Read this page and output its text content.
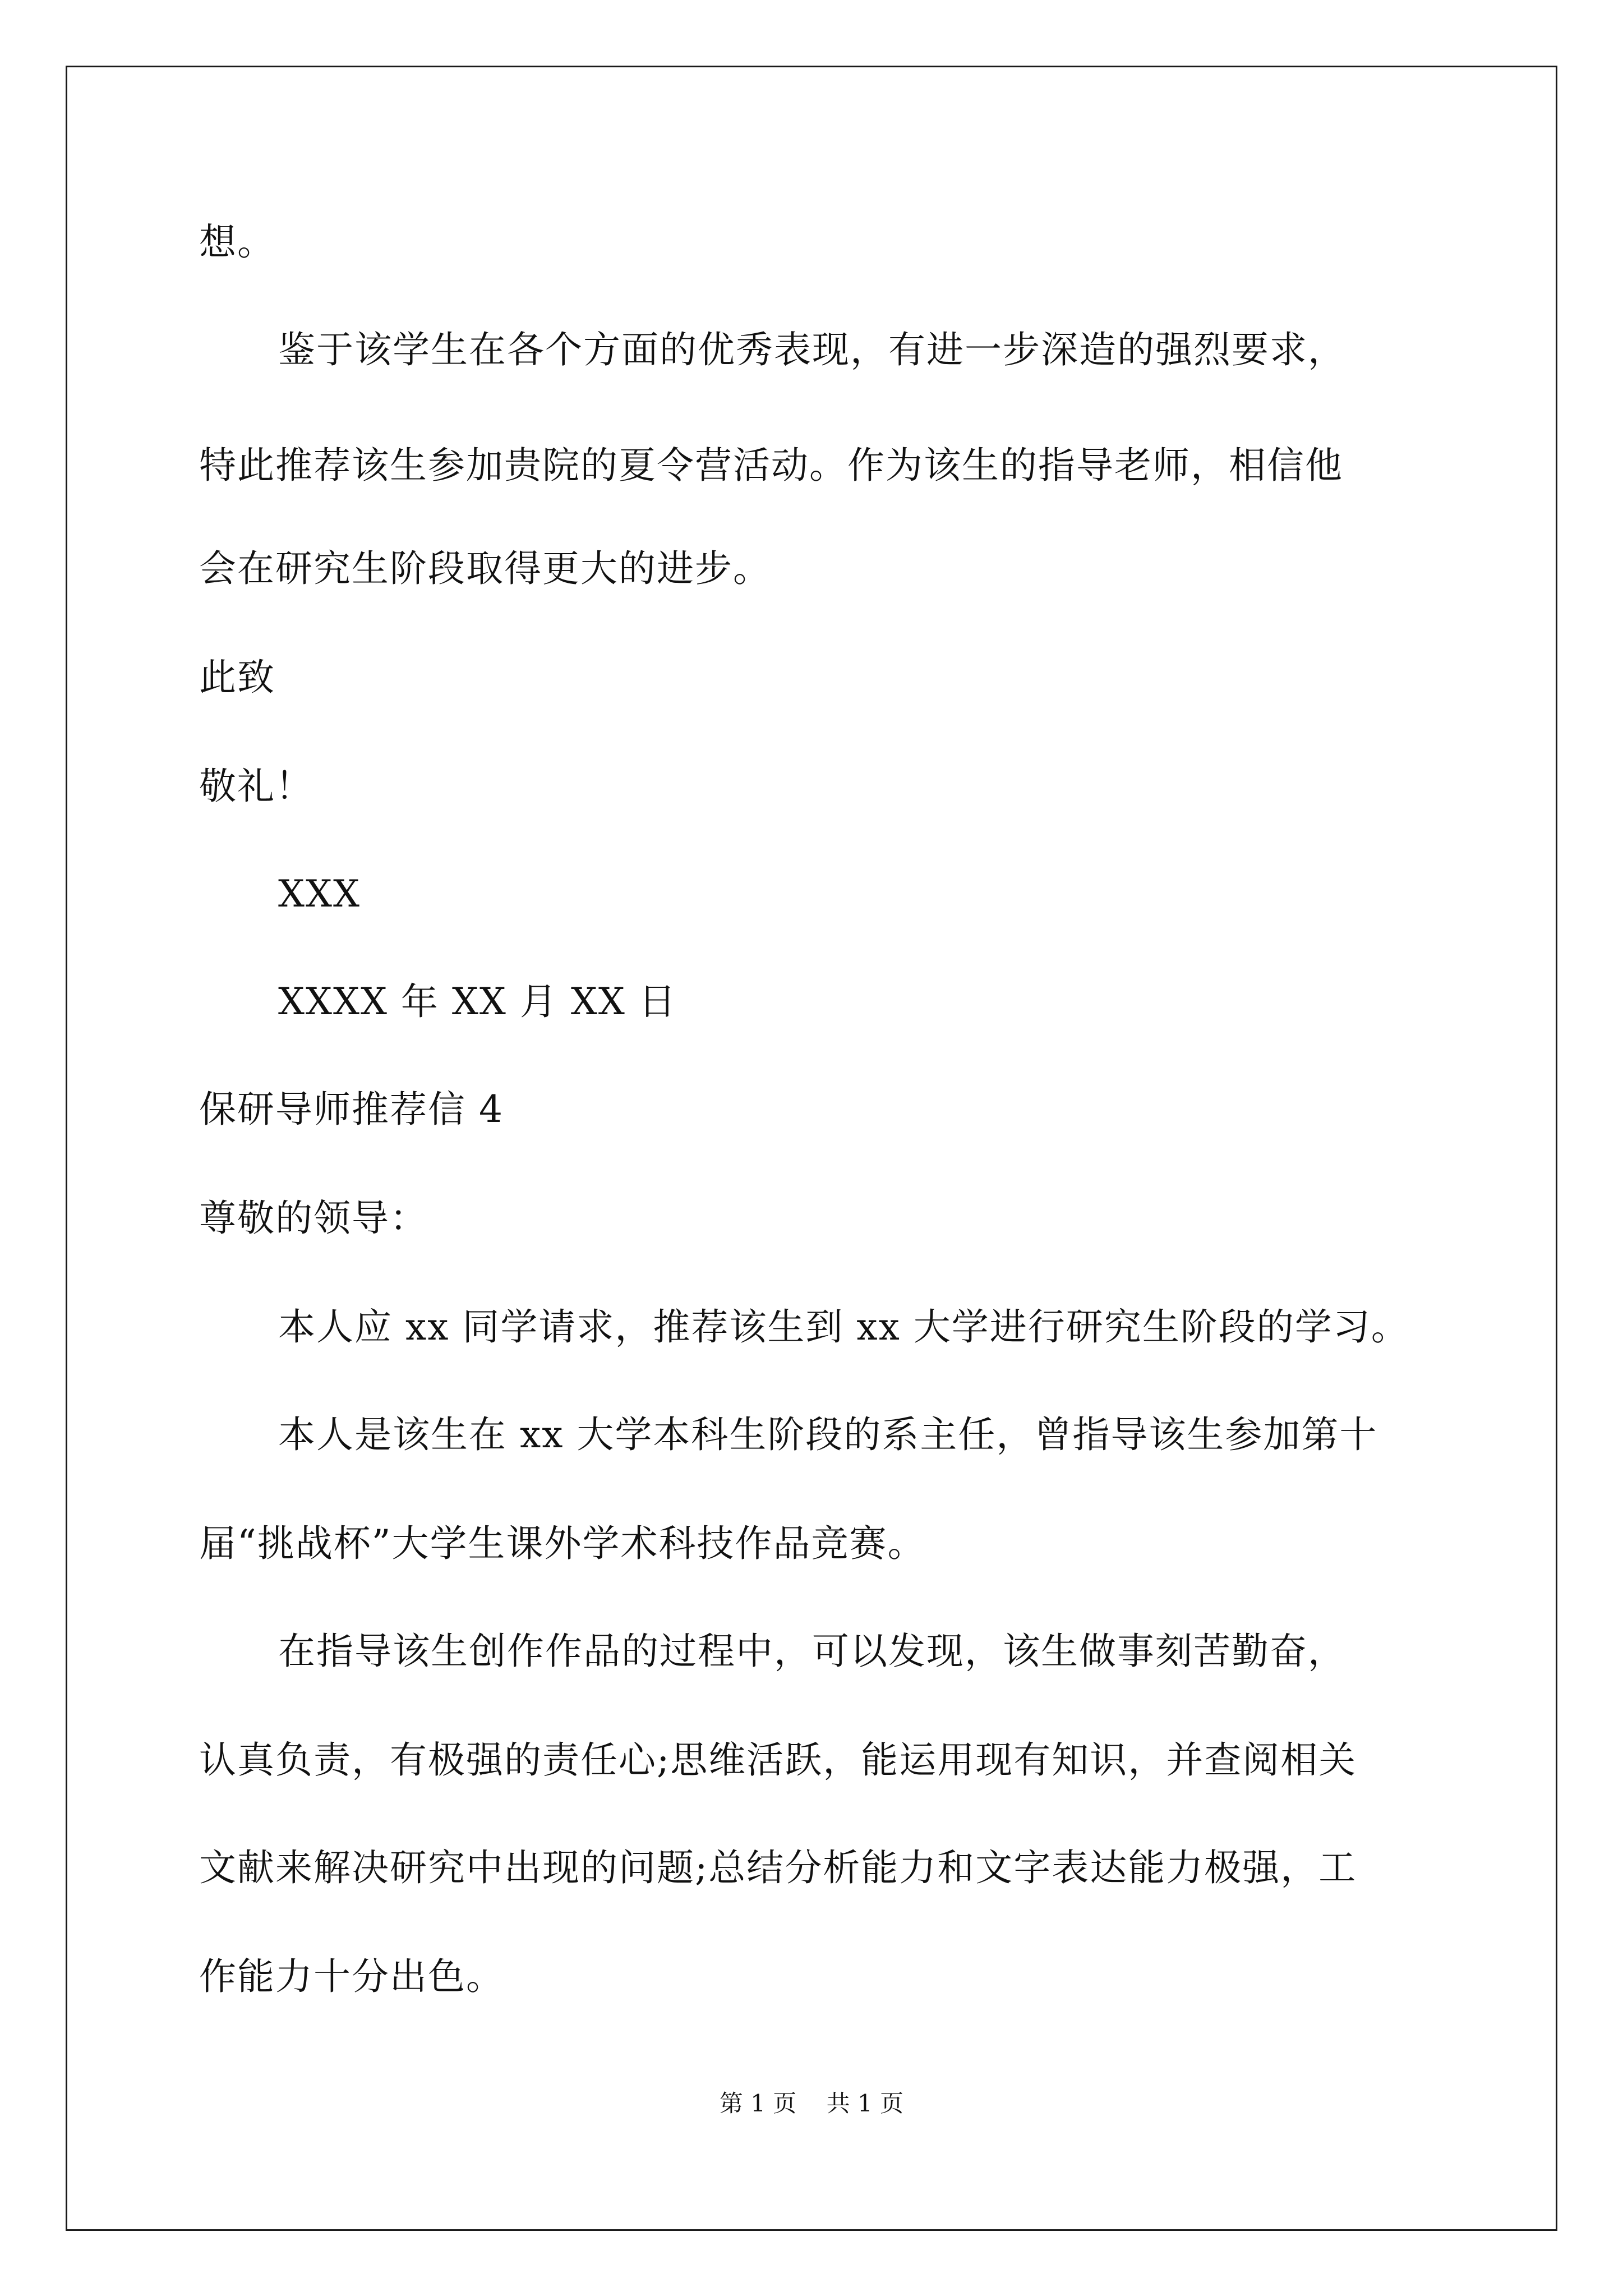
想。
鉴于该学生在各个方面的优秀表现，有进一步深造的强烈要求，
特此推荐该生参加贵院的夏令营活动。作为该生的指导老师，相信他
会在研究生阶段取得更大的进步。
此致
敬礼！
XXX
XXXX 年 XX 月 XX 日
保研导师推荐信 4
尊敬的领导：
本人应 xx 同学请求，推荐该生到 xx 大学进行研究生阶段的学习。
本人是该生在 xx 大学本科生阶段的系主任，曾指导该生参加第十
届“挑战杯”大学生课外学术科技作品竞赛。
在指导该生创作作品的过程中，可以发现，该生做事刻苦勤奋，
认真负责，有极强的责任心;思维活跃，能运用现有知识，并查阅相关
文献来解决研究中出现的问题;总结分析能力和文字表达能力极强，工
作能力十分出色。
第 1 页    共 1 页
